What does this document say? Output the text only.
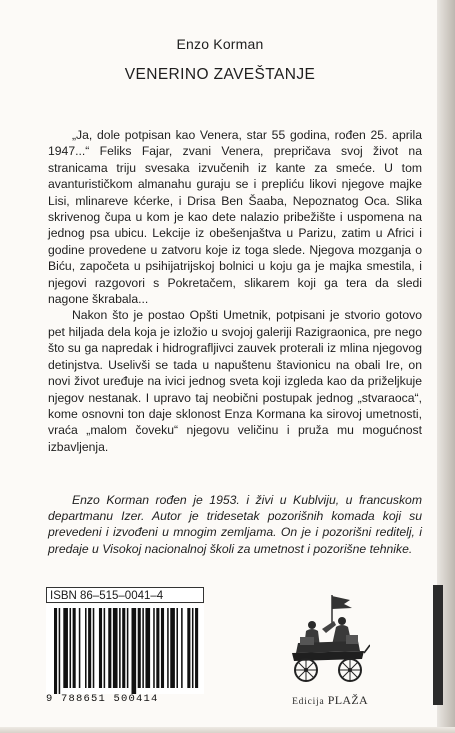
Enzo Korman
VENERINO ZAVEŠTANJE

„Ja, dole potpisan kao Venera, star 55 godina, rođen 25. aprila 1947...“ Feliks Fajar, zvani Venera, prepričava svoj život na stranicama triju svesaka izvučenih iz kante za smeće. U tom avanturističkom almanahu guraju se i prepliću likovi njegove majke Lisi, mlinareve kćerke, i Drisa Ben Šaaba, Nepoznatog Oca. Slika skrivenog čupa u kom je kao dete nalazio pribežište i uspomena na jednog psa ubicu. Lekcije iz obešenjaštva u Parizu, zatim u Africi i godine provedene u zatvoru koje iz toga slede. Njegova mozganja o Biću, započeta u psihijatrijskoj bolnici u koju ga je majka smestila, i njegovi razgovori s Pokretačem, slikarem koji ga tera da sledi nagone škrabala...

Nakon što je postao Opšti Umetnik, potpisani je stvorio gotovo pet hiljada dela koja je izložio u svojoj galeriji Razigraonica, pre nego što su ga napredak i hidrografljivci zauvek proterali iz mlina njegovog detinjstva. Uselivši se tada u napuštenu štavionicu na obali Ire, on novi život uređuje na ivici jednog sveta koji izgleda kao da priželjkuje njegov nestanak. I upravo taj neobični postupak jednog „stvaraoca“, kome osnovni ton daje sklonost Enza Kormana ka sirovoj umetnosti, vraća „malom čoveku“ njegovu veličinu i pruža mu mogućnost izbavljenja.

Enzo Korman rođen je 1953. i živi u Kublviju, u francuskom departmanu Izer. Autor je tridesetak pozorišnih komada koji su prevedeni i izvođeni u mnogim zemljama. On je i pozorišni reditelj, i predaje u Visokoj nacionalnoj školi za umetnost i pozorišne tehnike.

ISBN 86–515–0041–4
9 788651 500414	Edicija PLAŽA
